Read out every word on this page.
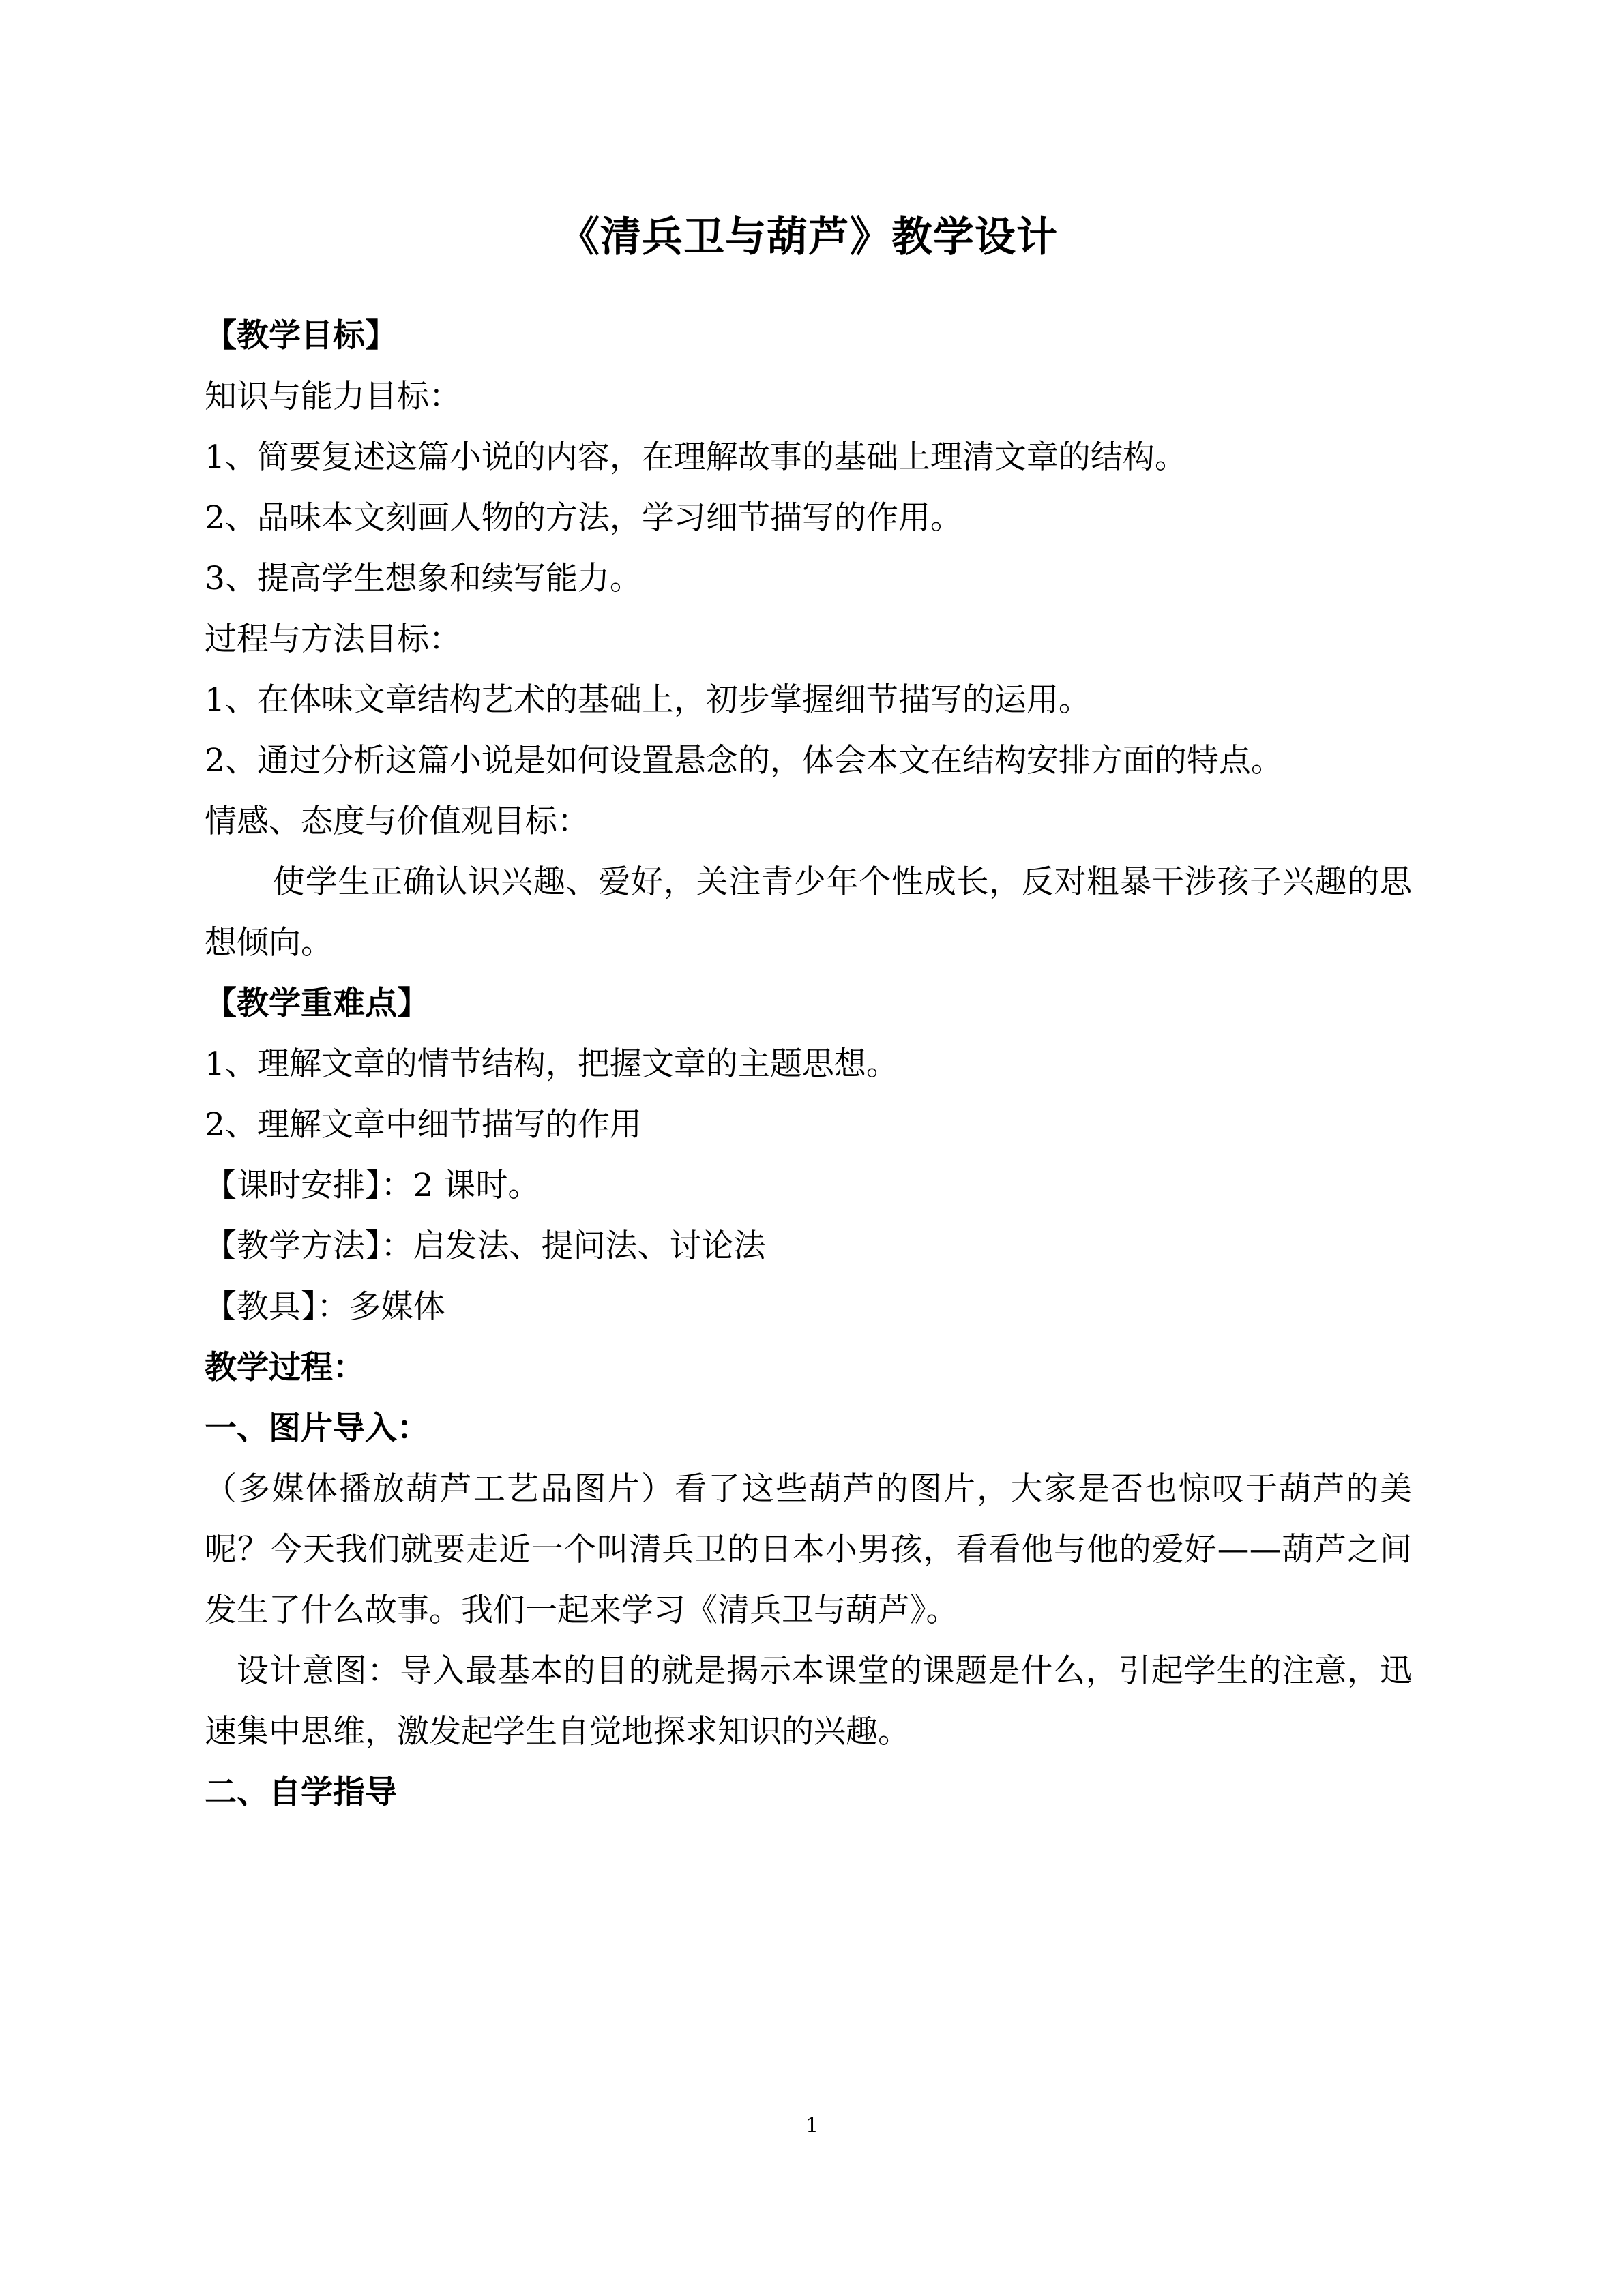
《清兵卫与葫芦》教学设计

【教学目标】

知识与能力目标：

1、简要复述这篇小说的内容，在理解故事的基础上理清文章的结构。

2、品味本文刻画人物的方法，学习细节描写的作用。

3、提高学生想象和续写能力。

过程与方法目标：

1、在体味文章结构艺术的基础上，初步掌握细节描写的运用。

2、通过分析这篇小说是如何设置悬念的，体会本文在结构安排方面的特点。

情感、态度与价值观目标：

使学生正确认识兴趣、爱好，关注青少年个性成长，反对粗暴干涉孩子兴趣的思想倾向。

【教学重难点】

1、理解文章的情节结构，把握文章的主题思想。

2、理解文章中细节描写的作用

【课时安排】：2 课时。

【教学方法】：启发法、提问法、讨论法

【教具】：多媒体

教学过程：

一、图片导入：

（多媒体播放葫芦工艺品图片）看了这些葫芦的图片，大家是否也惊叹于葫芦的美呢？今天我们就要走近一个叫清兵卫的日本小男孩，看看他与他的爱好——葫芦之间发生了什么故事。我们一起来学习《清兵卫与葫芦》。

设计意图：导入最基本的目的就是揭示本课堂的课题是什么，引起学生的注意，迅速集中思维，激发起学生自觉地探求知识的兴趣。

二、自学指导

1
